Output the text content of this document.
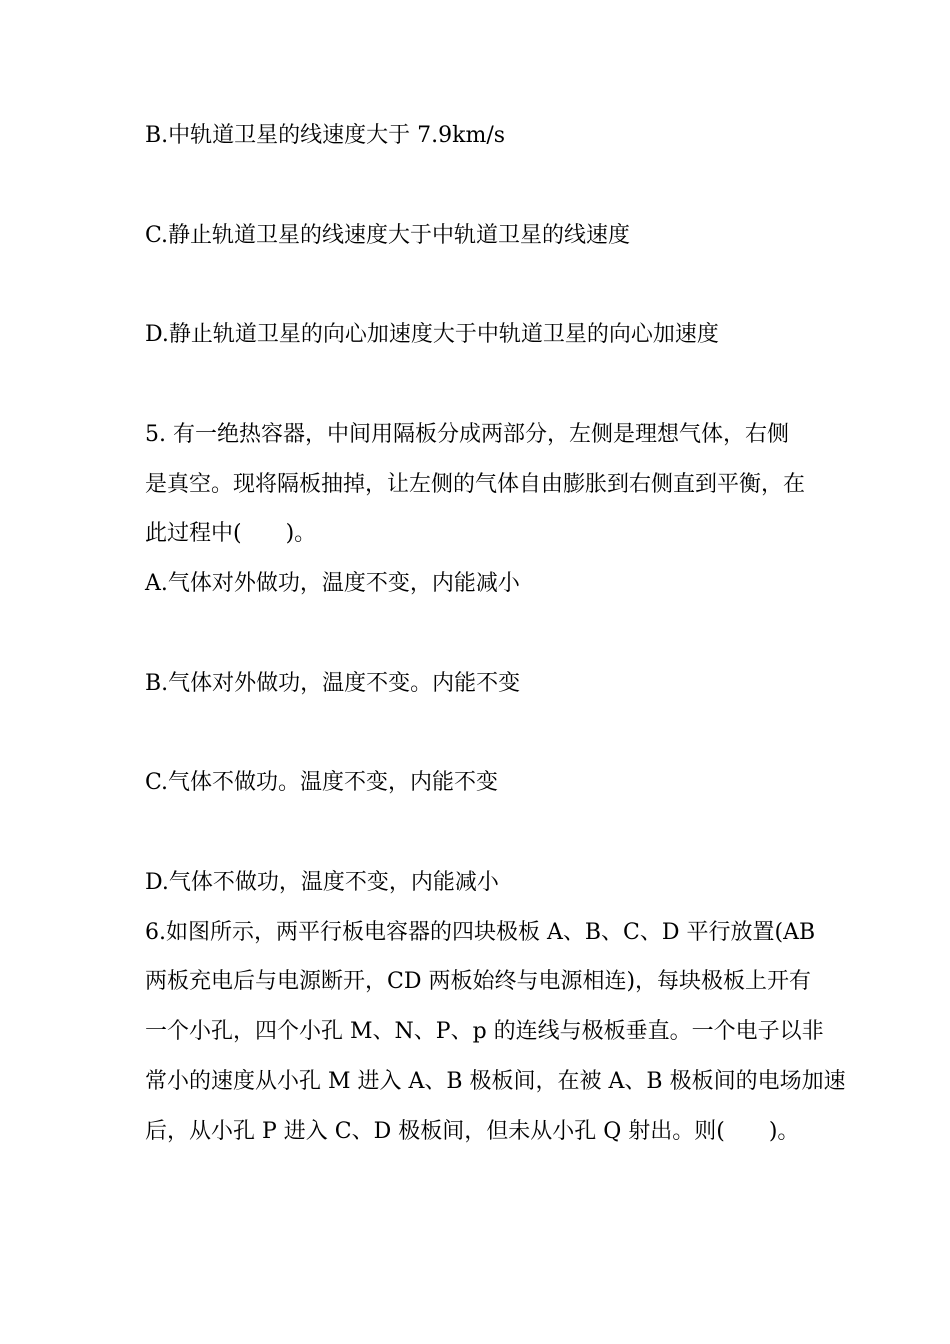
B.中轨道卫星的线速度大于 7.9km/s
C.静止轨道卫星的线速度大于中轨道卫星的线速度
D.静止轨道卫星的向心加速度大于中轨道卫星的向心加速度
5. 有一绝热容器，中间用隔板分成两部分，左侧是理想气体，右侧
是真空。现将隔板抽掉，让左侧的气体自由膨胀到右侧直到平衡，在
此过程中(　　)。
A.气体对外做功，温度不变，内能减小
B.气体对外做功，温度不变。内能不变
C.气体不做功。温度不变，内能不变
D.气体不做功，温度不变，内能减小
6.如图所示，两平行板电容器的四块极板 A、B、C、D 平行放置(AB
两板充电后与电源断开，CD 两板始终与电源相连)，每块极板上开有
一个小孔，四个小孔 M、N、P、p 的连线与极板垂直。一个电子以非
常小的速度从小孔 M 进入 A、B 极板间，在被 A、B 极板间的电场加速
后，从小孔 P 进入 C、D 极板间，但未从小孔 Q 射出。则(　　)。
